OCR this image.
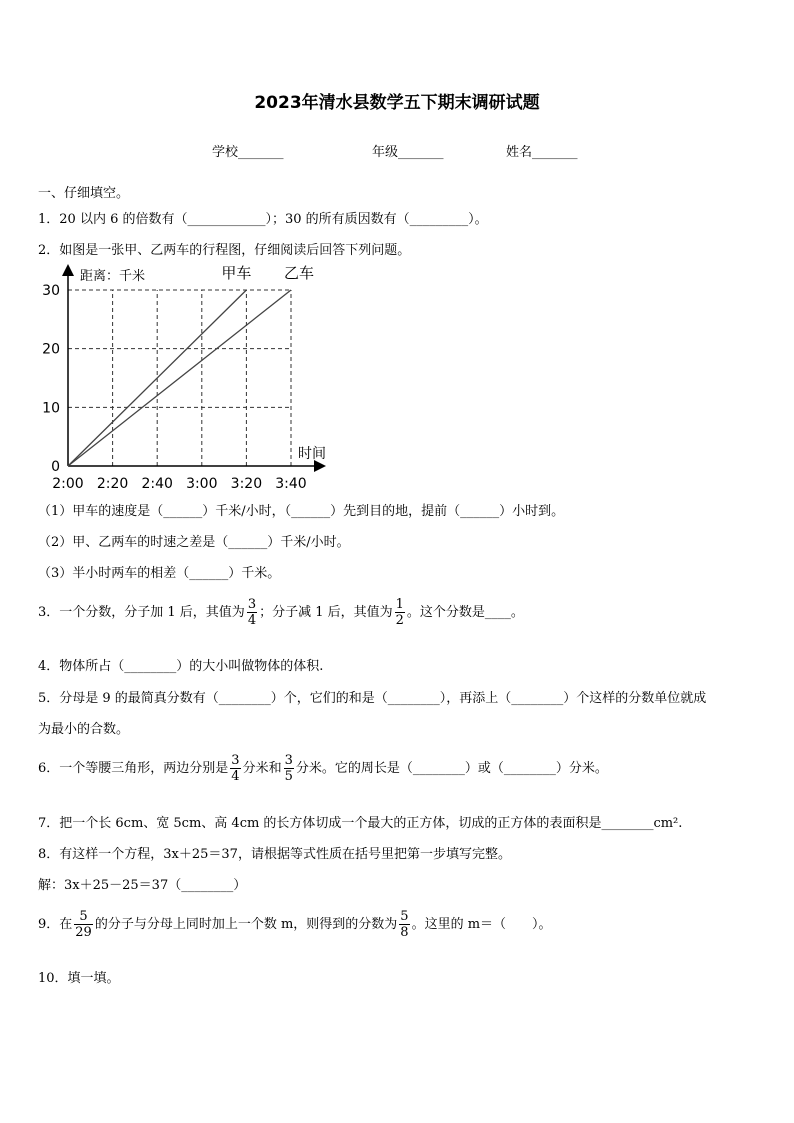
2023年清水县数学五下期末调研试题
学校_______	年级_______	姓名_______
一、仔细填空。
1．20 以内 6 的倍数有（____________）；30 的所有质因数有（_________）。
2．如图是一张甲、乙两车的行程图，仔细阅读后回答下列问题。
距离：千米
时间
0
10
20
30
2:00 2:20 2:40 3:00 3:20 3:40
甲车 乙车
（1）甲车的速度是（______）千米/小时，（______）先到目的地，提前（______）小时到。
（2）甲、乙两车的时速之差是（______）千米/小时。
（3）半小时两车的相差（______）千米。
3．一个分数，分子加 1 后，其值为 $\frac{3}{4}$ ；分子减 1 后，其值为 $\frac{1}{2}$ 。这个分数是____。
4．物体所占（________）的大小叫做物体的体积.
5．分母是 9 的最简真分数有（________）个，它们的和是（________），再添上（________）个这样的分数单位就成
为最小的合数。
6．一个等腰三角形，两边分别是 $\frac{3}{4}$ 分米和 $\frac{3}{5}$ 分米。它的周长是（________）或（________）分米。
7．把一个长 6cm、宽 5cm、高 4cm 的长方体切成一个最大的正方体，切成的正方体的表面积是________cm².
8．有这样一个方程，3x＋25＝37，请根据等式性质在括号里把第一步填写完整。
解：3x＋25－25＝37（________）
9．在 $\frac{5}{29}$ 的分子与分母上同时加上一个数 m，则得到的分数为 $\frac{5}{8}$ 。这里的 m＝（　　）。
10．填一填。
